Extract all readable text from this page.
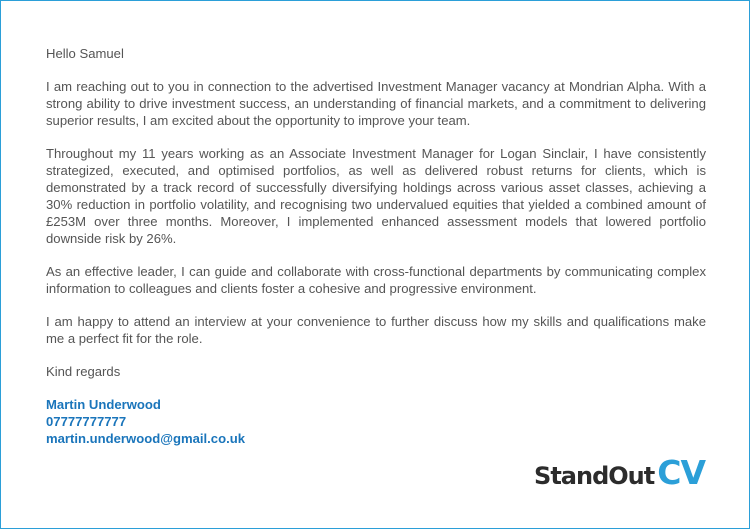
Hello Samuel

I am reaching out to you in connection to the advertised Investment Manager vacancy at Mondrian Alpha. With a strong ability to drive investment success, an understanding of financial markets, and a commitment to delivering superior results, I am excited about the opportunity to improve your team.

Throughout my 11 years working as an Associate Investment Manager for Logan Sinclair, I have consistently strategized, executed, and optimised portfolios, as well as delivered robust returns for clients, which is demonstrated by a track record of successfully diversifying holdings across various asset classes, achieving a 30% reduction in portfolio volatility, and recognising two undervalued equities that yielded a combined amount of £253M over three months. Moreover, I implemented enhanced assessment models that lowered portfolio downside risk by 26%.

As an effective leader, I can guide and collaborate with cross-functional departments by communicating complex information to colleagues and clients foster a cohesive and progressive environment.

I am happy to attend an interview at your convenience to further discuss how my skills and qualifications make me a perfect fit for the role.

Kind regards

Martin Underwood
07777777777
martin.underwood@gmail.co.uk
StandOutCV
